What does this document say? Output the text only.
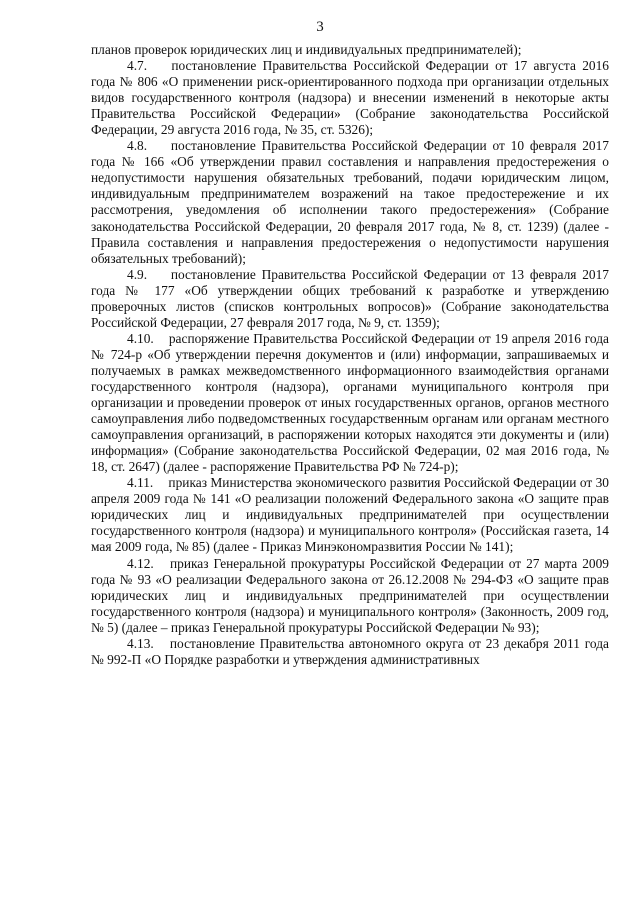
3

планов проверок юридических лиц и индивидуальных предпринимателей);

4.7. постановление Правительства Российской Федерации от 17 августа 2016 года № 806 «О применении риск-ориентированного подхода при организации отдельных видов государственного контроля (надзора) и внесении изменений в некоторые акты Правительства Российской Федерации» (Собрание законодательства Российской Федерации, 29 августа 2016 года, № 35, ст. 5326);

4.8. постановление Правительства Российской Федерации от 10 февраля 2017 года № 166 «Об утверждении правил составления и направления предостережения о недопустимости нарушения обязательных требований, подачи юридическим лицом, индивидуальным предпринимателем возражений на такое предостережение и их рассмотрения, уведомления об исполнении такого предостережения» (Собрание законодательства Российской Федерации, 20 февраля 2017 года, № 8, ст. 1239) (далее - Правила составления и направления предостережения о недопустимости нарушения обязательных требований);

4.9. постановление Правительства Российской Федерации от 13 февраля 2017 года № 177 «Об утверждении общих требований к разработке и утверждению проверочных листов (списков контрольных вопросов)» (Собрание законодательства Российской Федерации, 27 февраля 2017 года, № 9, ст. 1359);

4.10. распоряжение Правительства Российской Федерации от 19 апреля 2016 года № 724-р «Об утверждении перечня документов и (или) информации, запрашиваемых и получаемых в рамках межведомственного информационного взаимодействия органами государственного контроля (надзора), органами муниципального контроля при организации и проведении проверок от иных государственных органов, органов местного самоуправления либо подведомственных государственным органам или органам местного самоуправления организаций, в распоряжении которых находятся эти документы и (или) информация» (Собрание законодательства Российской Федерации, 02 мая 2016 года, № 18, ст. 2647) (далее - распоряжение Правительства РФ № 724-р);

4.11. приказ Министерства экономического развития Российской Федерации от 30 апреля 2009 года № 141 «О реализации положений Федерального закона «О защите прав юридических лиц и индивидуальных предпринимателей при осуществлении государственного контроля (надзора) и муниципального контроля» (Российская газета, 14 мая 2009 года, № 85) (далее - Приказ Минэкономразвития России № 141);

4.12. приказ Генеральной прокуратуры Российской Федерации от 27 марта 2009 года № 93 «О реализации Федерального закона от 26.12.2008 № 294-ФЗ «О защите прав юридических лиц и индивидуальных предпринимателей при осуществлении государственного контроля (надзора) и муниципального контроля» (Законность, 2009 год, № 5) (далее – приказ Генеральной прокуратуры Российской Федерации № 93);

4.13. постановление Правительства автономного округа от 23 декабря 2011 года № 992-П «О Порядке разработки и утверждения административных
